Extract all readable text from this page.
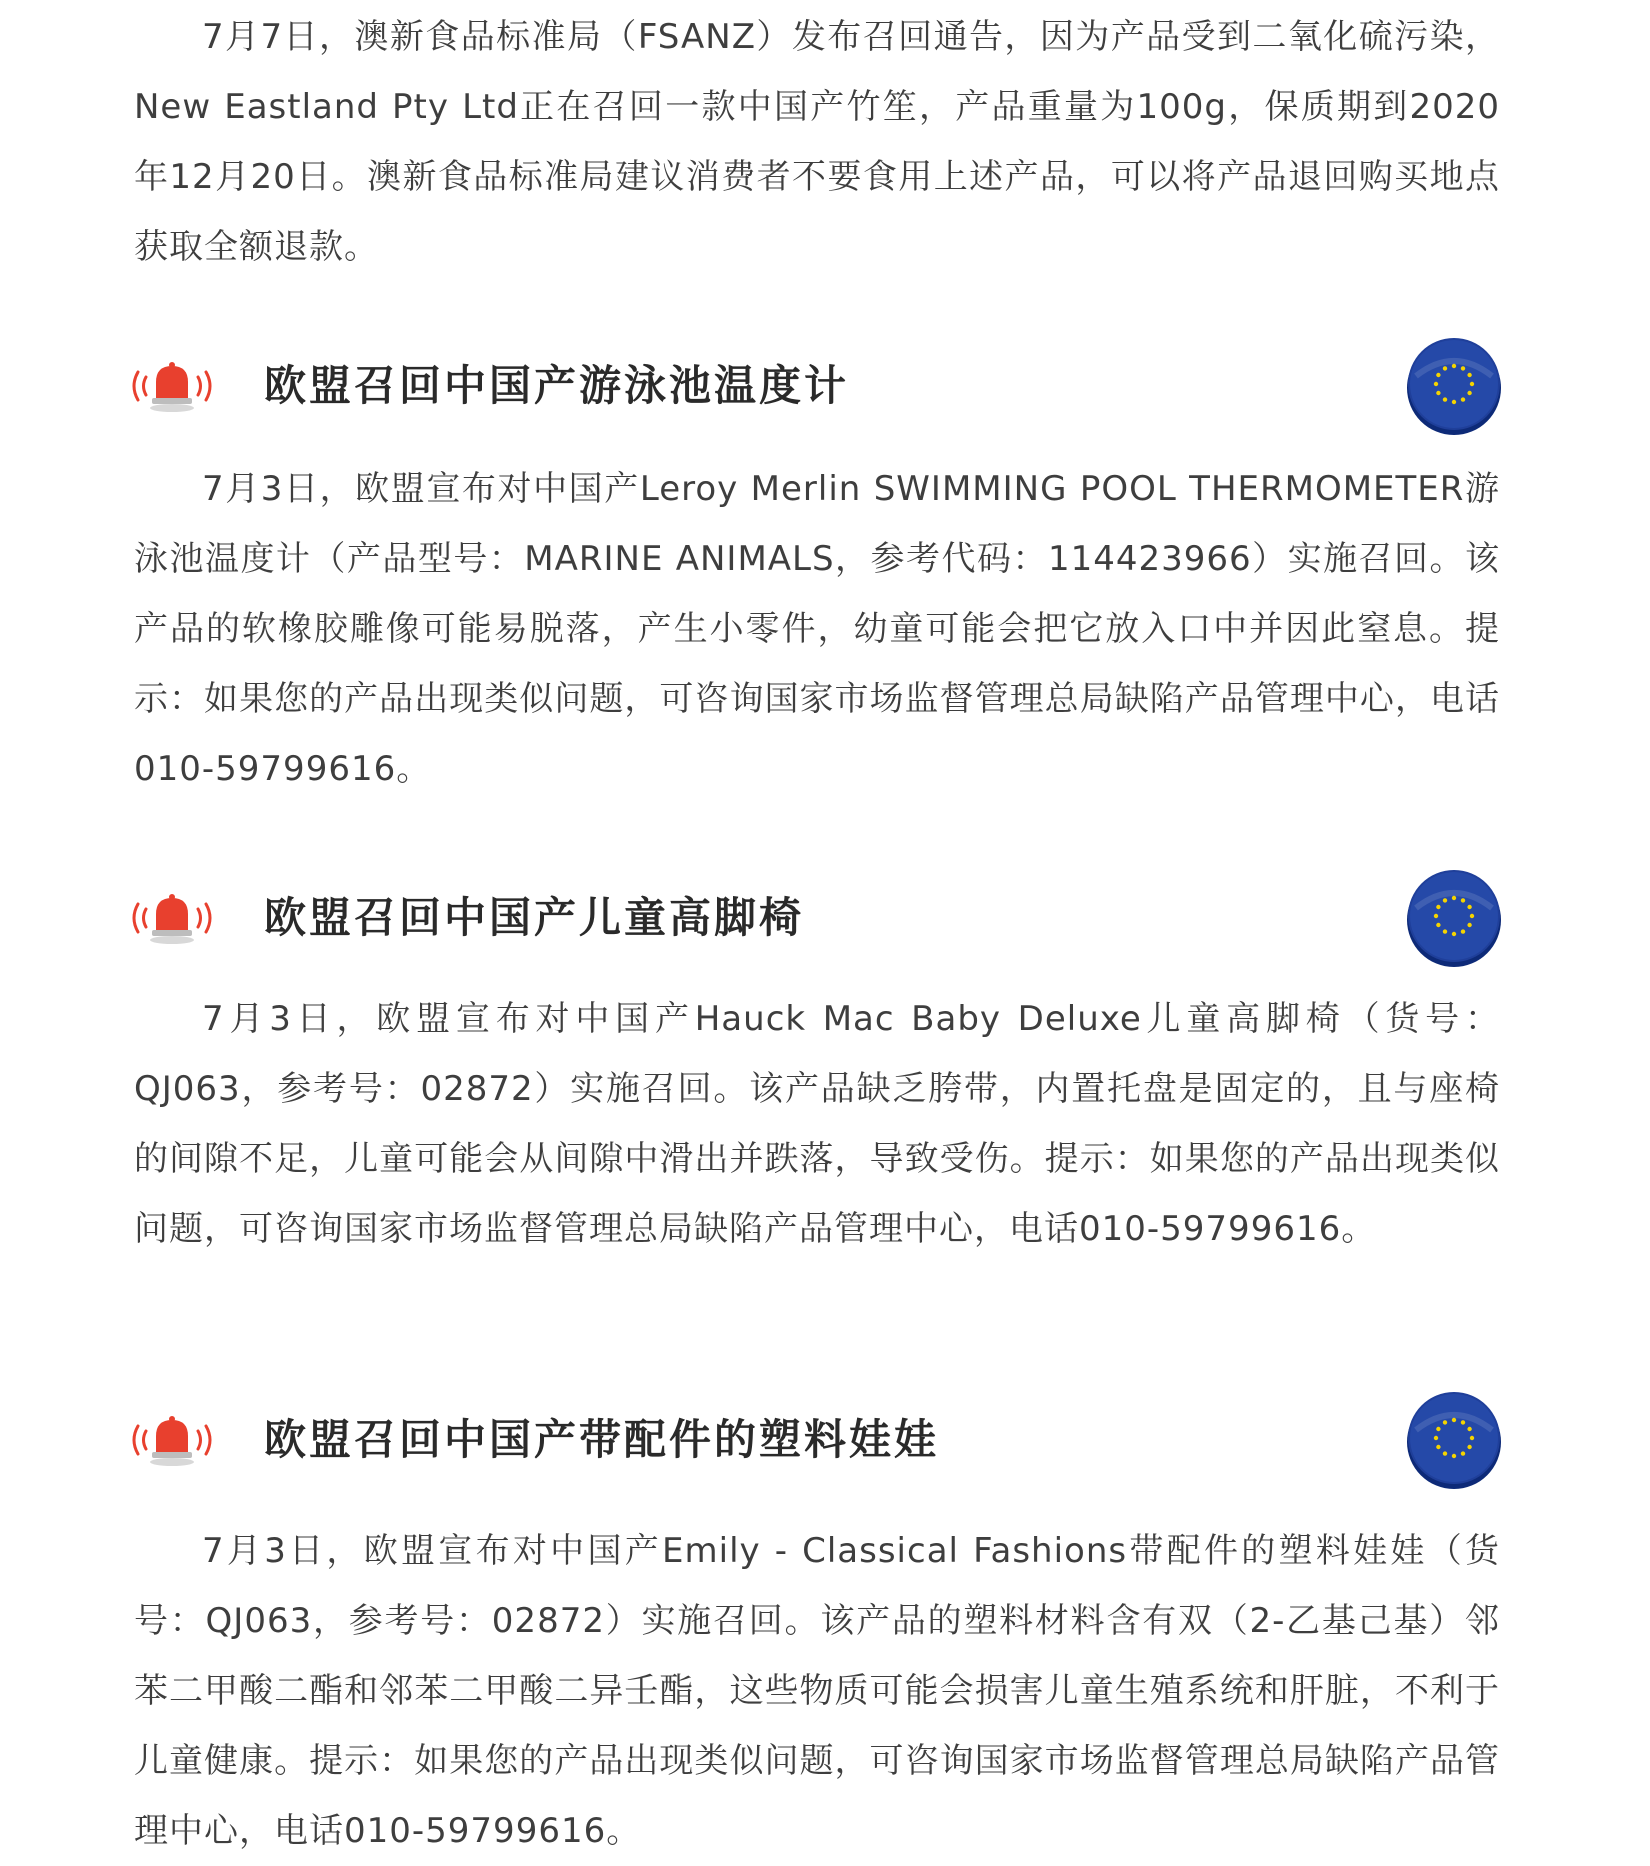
7月7日，澳新食品标准局（FSANZ）发布召回通告，因为产品受到二氧化硫污染，New Eastland Pty Ltd正在召回一款中国产竹笙，产品重量为100g，保质期到2020年12月20日。澳新食品标准局建议消费者不要食用上述产品，可以将产品退回购买地点获取全额退款。

欧盟召回中国产游泳池温度计

7月3日，欧盟宣布对中国产Leroy Merlin SWIMMING POOL THERMOMETER游泳池温度计（产品型号：MARINE ANIMALS，参考代码：114423966）实施召回。该产品的软橡胶雕像可能易脱落，产生小零件，幼童可能会把它放入口中并因此窒息。提示：如果您的产品出现类似问题，可咨询国家市场监督管理总局缺陷产品管理中心，电话010-59799616。

欧盟召回中国产儿童高脚椅

7月3日，欧盟宣布对中国产Hauck Mac Baby Deluxe儿童高脚椅（货号：QJ063，参考号：02872）实施召回。该产品缺乏胯带，内置托盘是固定的，且与座椅的间隙不足，儿童可能会从间隙中滑出并跌落，导致受伤。提示：如果您的产品出现类似问题，可咨询国家市场监督管理总局缺陷产品管理中心，电话010-59799616。

欧盟召回中国产带配件的塑料娃娃

7月3日，欧盟宣布对中国产Emily - Classical Fashions带配件的塑料娃娃（货号：QJ063，参考号：02872）实施召回。该产品的塑料材料含有双（2-乙基己基）邻苯二甲酸二酯和邻苯二甲酸二异壬酯，这些物质可能会损害儿童生殖系统和肝脏，不利于儿童健康。提示：如果您的产品出现类似问题，可咨询国家市场监督管理总局缺陷产品管理中心，电话010-59799616。
